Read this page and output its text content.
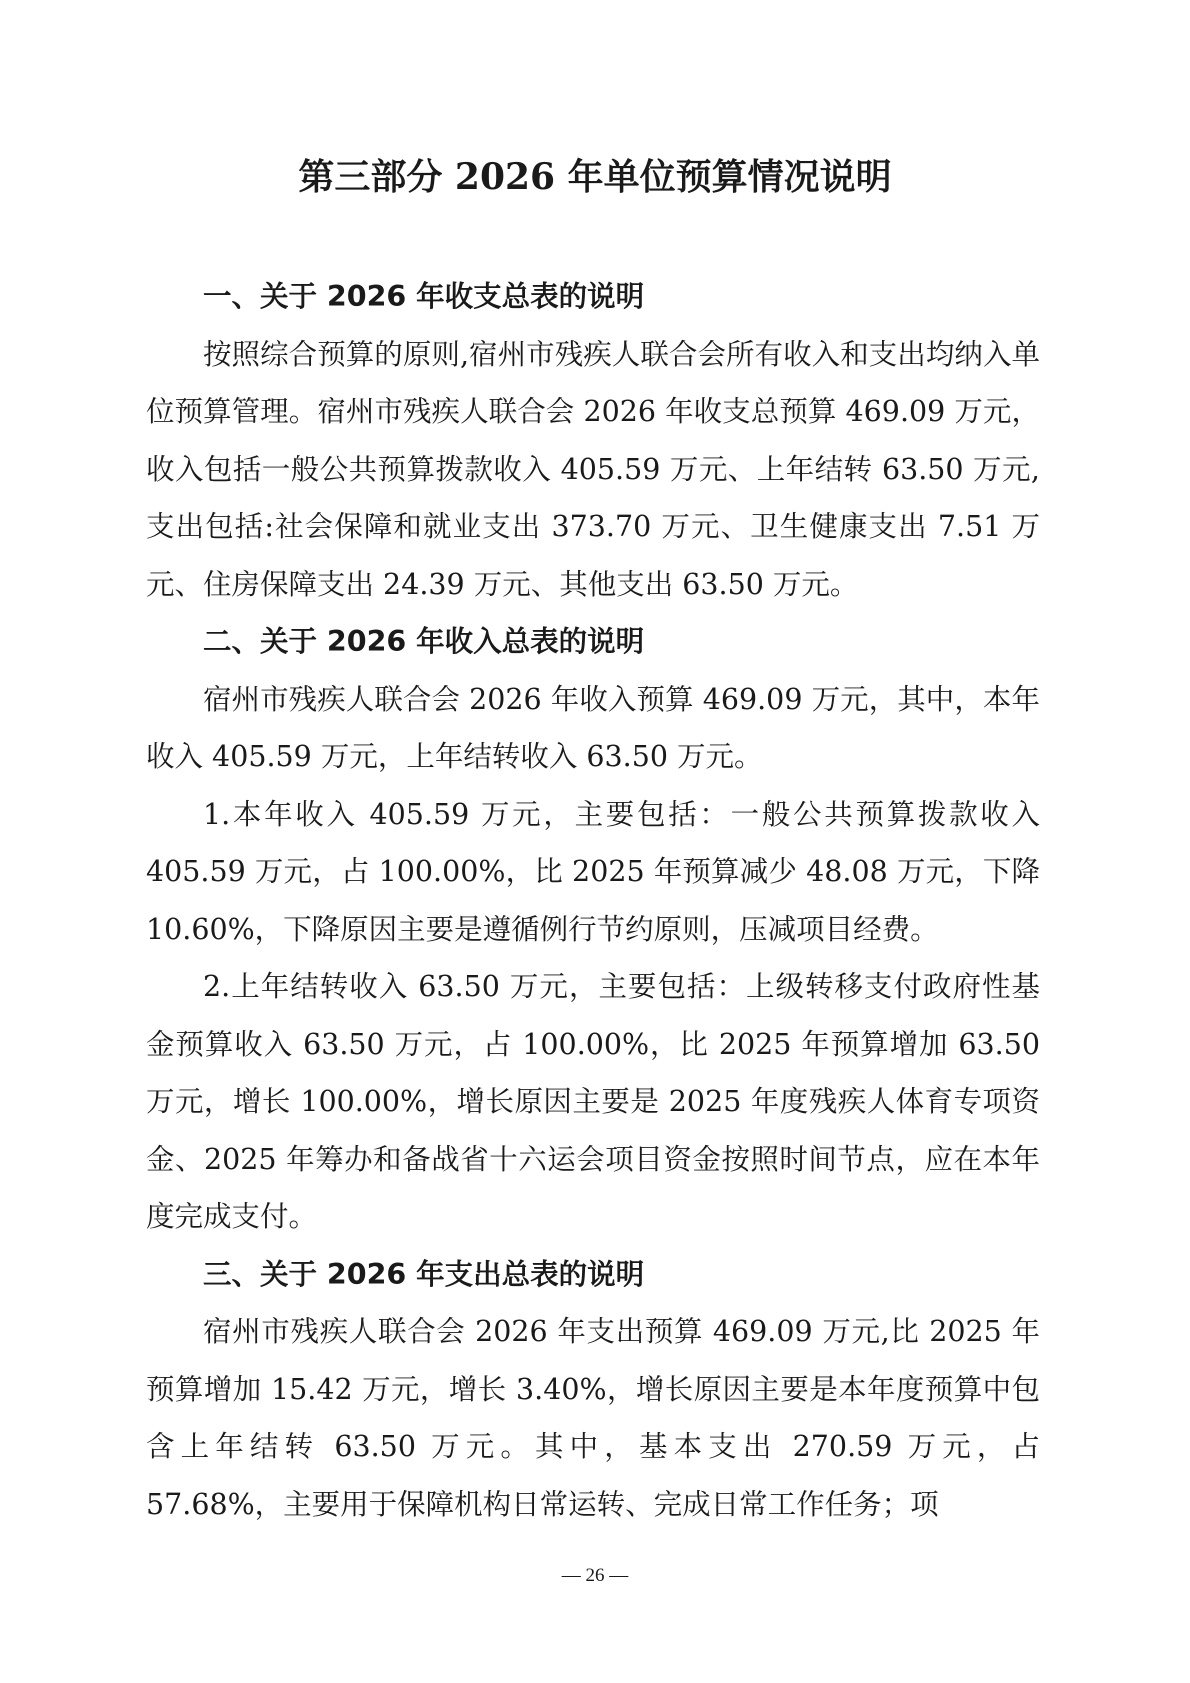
第三部分 2026 年单位预算情况说明

一、关于 2026 年收支总表的说明

按照综合预算的原则,宿州市残疾人联合会所有收入和支出均纳入单位预算管理。宿州市残疾人联合会 2026 年收支总预算 469.09 万元，收入包括一般公共预算拨款收入 405.59 万元、上年结转 63.50 万元,支出包括:社会保障和就业支出 373.70 万元、卫生健康支出 7.51 万元、住房保障支出 24.39 万元、其他支出 63.50 万元。

二、关于 2026 年收入总表的说明

宿州市残疾人联合会 2026 年收入预算 469.09 万元，其中，本年收入 405.59 万元，上年结转收入 63.50 万元。

1.本年收入 405.59 万元，主要包括：一般公共预算拨款收入 405.59 万元，占 100.00%，比 2025 年预算减少 48.08 万元，下降 10.60%，下降原因主要是遵循例行节约原则，压减项目经费。

2.上年结转收入 63.50 万元，主要包括：上级转移支付政府性基金预算收入 63.50 万元，占 100.00%，比 2025 年预算增加 63.50 万元，增长 100.00%，增长原因主要是 2025 年度残疾人体育专项资金、2025 年筹办和备战省十六运会项目资金按照时间节点，应在本年度完成支付。

三、关于 2026 年支出总表的说明

宿州市残疾人联合会 2026 年支出预算 469.09 万元,比 2025 年预算增加 15.42 万元，增长 3.40%，增长原因主要是本年度预算中包含上年结转 63.50 万元。其中，基本支出 270.59 万元，占 57.68%，主要用于保障机构日常运转、完成日常工作任务；项

— 26 —
